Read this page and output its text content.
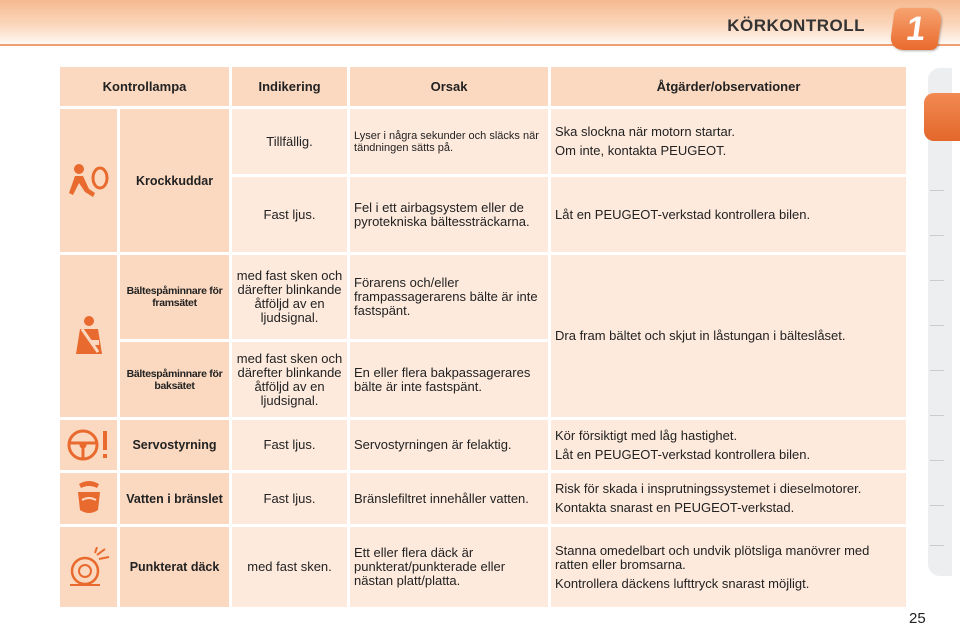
KÖRKONTROLL	1
Kontrollampa		Indikering	Orsak	Åtgärder/observationer

	Krockkuddar	Tillfällig.	Lyser i några sekunder och släcks när tändningen sätts på.	Ska slockna när motorn startar.

Om inte, kontakta PEUGEOT.

		Fast ljus.	Fel i ett airbagsystem eller de pyrotekniska bältessträckarna.	Låt en PEUGEOT-verkstad kontrollera bilen.

	Bältespåminnare för framsätet	med fast sken och därefter blinkande åtföljd av en ljudsignal.	Förarens och/eller frampassagerarens bälte är inte fastspänt.	Dra fram bältet och skjut in låstungan i bälteslåset.
	Bältespåminnare för baksätet	med fast sken och därefter blinkande åtföljd av en ljudsignal.	En eller flera bakpassagerares bälte är inte fastspänt.	

	Servostyrning	Fast ljus.	Servostyrningen är felaktig.	Kör försiktigt med låg hastighet.

Låt en PEUGEOT-verkstad kontrollera bilen.

	Vatten i bränslet	Fast ljus.	Bränslefiltret innehåller vatten.	Risk för skada i insprutningssystemet i dieselmotorer.

Kontakta snarast en PEUGEOT-verkstad.

	Punkterat däck	med fast sken.	Ett eller flera däck är punkterat/punkterade eller nästan platt/platta.	Stanna omedelbart och undvik plötsliga manövrer med ratten eller bromsarna.

Kontrollera däckens lufttryck snarast möjligt.

25
